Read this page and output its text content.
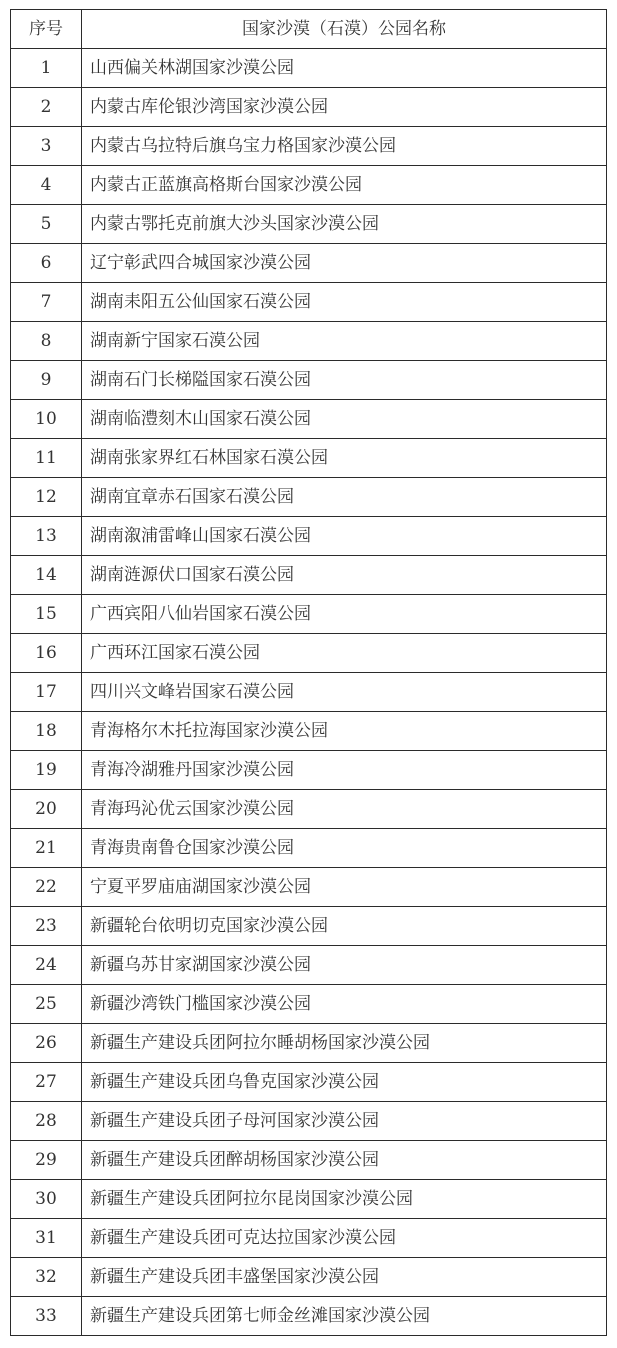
序号	国家沙漠（石漠）公园名称
1	山西偏关林湖国家沙漠公园
2	内蒙古库伦银沙湾国家沙漠公园
3	内蒙古乌拉特后旗乌宝力格国家沙漠公园
4	内蒙古正蓝旗高格斯台国家沙漠公园
5	内蒙古鄂托克前旗大沙头国家沙漠公园
6	辽宁彰武四合城国家沙漠公园
7	湖南耒阳五公仙国家石漠公园
8	湖南新宁国家石漠公园
9	湖南石门长梯隘国家石漠公园
10	湖南临澧刻木山国家石漠公园
11	湖南张家界红石林国家石漠公园
12	湖南宜章赤石国家石漠公园
13	湖南溆浦雷峰山国家石漠公园
14	湖南涟源伏口国家石漠公园
15	广西宾阳八仙岩国家石漠公园
16	广西环江国家石漠公园
17	四川兴文峰岩国家石漠公园
18	青海格尔木托拉海国家沙漠公园
19	青海冷湖雅丹国家沙漠公园
20	青海玛沁优云国家沙漠公园
21	青海贵南鲁仓国家沙漠公园
22	宁夏平罗庙庙湖国家沙漠公园
23	新疆轮台依明切克国家沙漠公园
24	新疆乌苏甘家湖国家沙漠公园
25	新疆沙湾铁门槛国家沙漠公园
26	新疆生产建设兵团阿拉尔睡胡杨国家沙漠公园
27	新疆生产建设兵团乌鲁克国家沙漠公园
28	新疆生产建设兵团子母河国家沙漠公园
29	新疆生产建设兵团醉胡杨国家沙漠公园
30	新疆生产建设兵团阿拉尔昆岗国家沙漠公园
31	新疆生产建设兵团可克达拉国家沙漠公园
32	新疆生产建设兵团丰盛堡国家沙漠公园
33	新疆生产建设兵团第七师金丝滩国家沙漠公园
